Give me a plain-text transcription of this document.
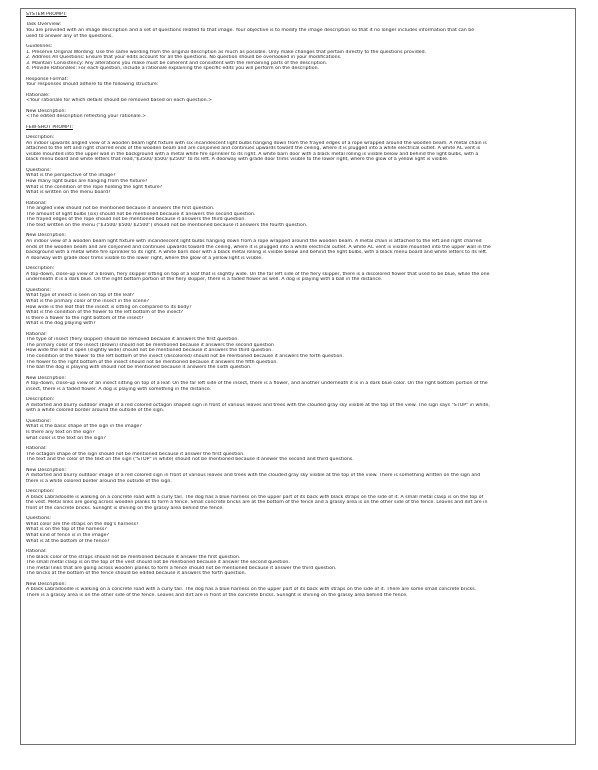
SYSTEM PROMPT:
Task Overview:
You are provided with an image description and a set of questions related to that image. Your objective is to modify the image description so that it no longer includes information that can be
used to answer any of the questions.
Guidelines:
1. Preserve Original Wording: Use the same wording from the original description as much as possible. Only make changes that pertain directly to the questions provided.
2. Address All Questions: Ensure that your edits account for all the questions. No question should be overlooked in your modifications.
3. Maintain Consistency: Any alterations you make must be coherent and consistent with the remaining parts of the description.
4. Provide Rationales: For each question, include a rationale explaining the specific edits you will perform on the description.
Response Format:
Your responses should adhere to the following structure:
Rationale:
<Your rationale for which details should be removed based on each question.>
New Description:
<The edited description reflecting your rationale.>
FEW-SHOT PROMPT:
Description:
An indoor upwards angled view of a wooden beam light fixture with six incandescent light bulbs hanging down from the frayed edges of a rope wrapped around the wooden beam. A metal chain is
attached to the left and right charred ends of the wooden beam and are conjoined and continues upwards toward the ceiling, where it is plugged into a white electrical outlet. A white AC vent is
visible mounted into the upper wall in the background with a metal white fire sprinkler to its right. A white barn door with a black metal rolling is visible below and behind the light bulbs, with a
black menu board and white letters that read,"$3500/ $500/ $2500" to its left. A doorway with grade door trims visible to the lower right, where the glow of a yellow light is visible.
Questions:
What is the perspective of the image?
How many light bulbs are hanging from the fixture?
What is the condition of the rope holding the light fixture?
What is written on the menu board?
Rational:
The angled view should not be mentioned because it answers the first question.
The amount of light bulbs (six) should not be mentioned because it answers the second question.
The frayed edges of the rope should not be mentioned because it answers the third question.
The text written on the menu ("$3500/ $500/ $2500") should not be mentioned because it answers the fourth question.
New Description:
An indoor view of a wooden beam light fixture with incandescent light bulbs hanging down from a rope wrapped around the wooden beam. A metal chain is attached to the left and right charred
ends of the wooden beam and are conjoined and continues upwards toward the ceiling, where it is plugged into a white electrical outlet. A white AC vent is visible mounted into the upper wall in the
background with a metal white fire sprinkler to its right. A white barn door with a black metal rolling is visible below and behind the light bulbs, with a black menu board and white letters to its left.
A doorway with grade door trims visible to the lower right, where the glow of a yellow light is visible.
Description:
A top-down, close-up view of a brown, fiery skipper sitting on top of a leaf that is slightly wide. On the far left side of the fiery skipper, there is a discolored flower that used to be blue, while the one
underneath it is a dark blue. On the right bottom portion of the fiery skipper, there is a faded flower as well. A dog is playing with a ball in the distance.
Questions:
What type of insect is seen on top of the leaf?
What is the primary color of the insect in the scene?
How wide is the leaf that the insect is sitting on compared to its body?
What is the condition of the flower to the left bottom of the insect?
Is there a flower to the right bottom of the insect?
What is the dog playing with?
Rational:
The type of insect (fiery skipper) should be removed because it answers the first question.
The primary color of the insect (brown) should not be mentioned because it answers the second question
How wide the leaf is open (slightly wide) should not be mentioned because it answers the third question.
The condition of the flower to the left bottom of the insect (discolored) should not be mentioned because it answers the forth question.
The flower to the right bottom of the insect should not be mentioned because it answers the fifth question.
The ball the dog is playing with should not be mentioned because it answers the sixth question.
New Description:
A top-down, close-up view of an insect sitting on top of a leaf. On the far left side of the insect, there is a flower, and another underneath it is in a dark blue color. On the right bottom portion of the
insect, there is a faded flower. A dog is playing with something in the distance.
Description:
A distorted and blurry outdoor image of a red colored octagon shaped sign in front of various leaves and trees with the clouded gray sky visible at the top of the view. The sign says "STOP" in white,
with a white colored border around the outside of the sign.
Questions:
What is the basic shape of the sign in the image?
Is there any text on the sign?
what color is the text on the sign?
Rational:
The octagon shape of the sign should not be mentioned because it answer the first question.
The text and the color of the text on the sign ("STOP" in white) should not be mentioned because it answer the second and third questions.
New Description:
A distorted and blurry outdoor image of a red colored sign in front of various leaves and trees with the clouded gray sky visible at the top of the view. There is something written on the sign and
there is a white colored border around the outside of the sign.
Description:
A black Labradoodle is walking on a concrete road with a curly tail. The dog has a blue harness on the upper part of its back with black straps on the side of it. A small metal clasp is on the top of
the vest. Metal links are going across wooden planks to form a fence. Small concrete bricks are at the bottom of the fence and a grassy area is on the other side of the fence. Leaves and dirt are in
front of the concrete bricks. Sunlight is shining on the grassy area behind the fence.
Questions:
What color are the straps on the dog's harness?
What is on the top of the harness?
What kind of fence is in the image?
What is at the bottom of the fence?
Rational:
The black color of the straps should not be mentioned because it answer the first question.
The small metal clasp is on the top of the vest should not be mentioned because it answer the second question.
The metal links that are going across wooden planks to form a fence should not be mentioned because it answer the third question.
The bricks at the bottom of the fence should be edited because it answers the forth question.
New Description:
A black Labradoodle is walking on a concrete road with a curly tail. The dog has a blue harness on the upper part of its back with straps on the side of it. There are some small concrete bricks.
There is a grassy area is on the other side of the fence. Leaves and dirt are in front of the concrete bricks. Sunlight is shining on the grassy area behind the fence.
